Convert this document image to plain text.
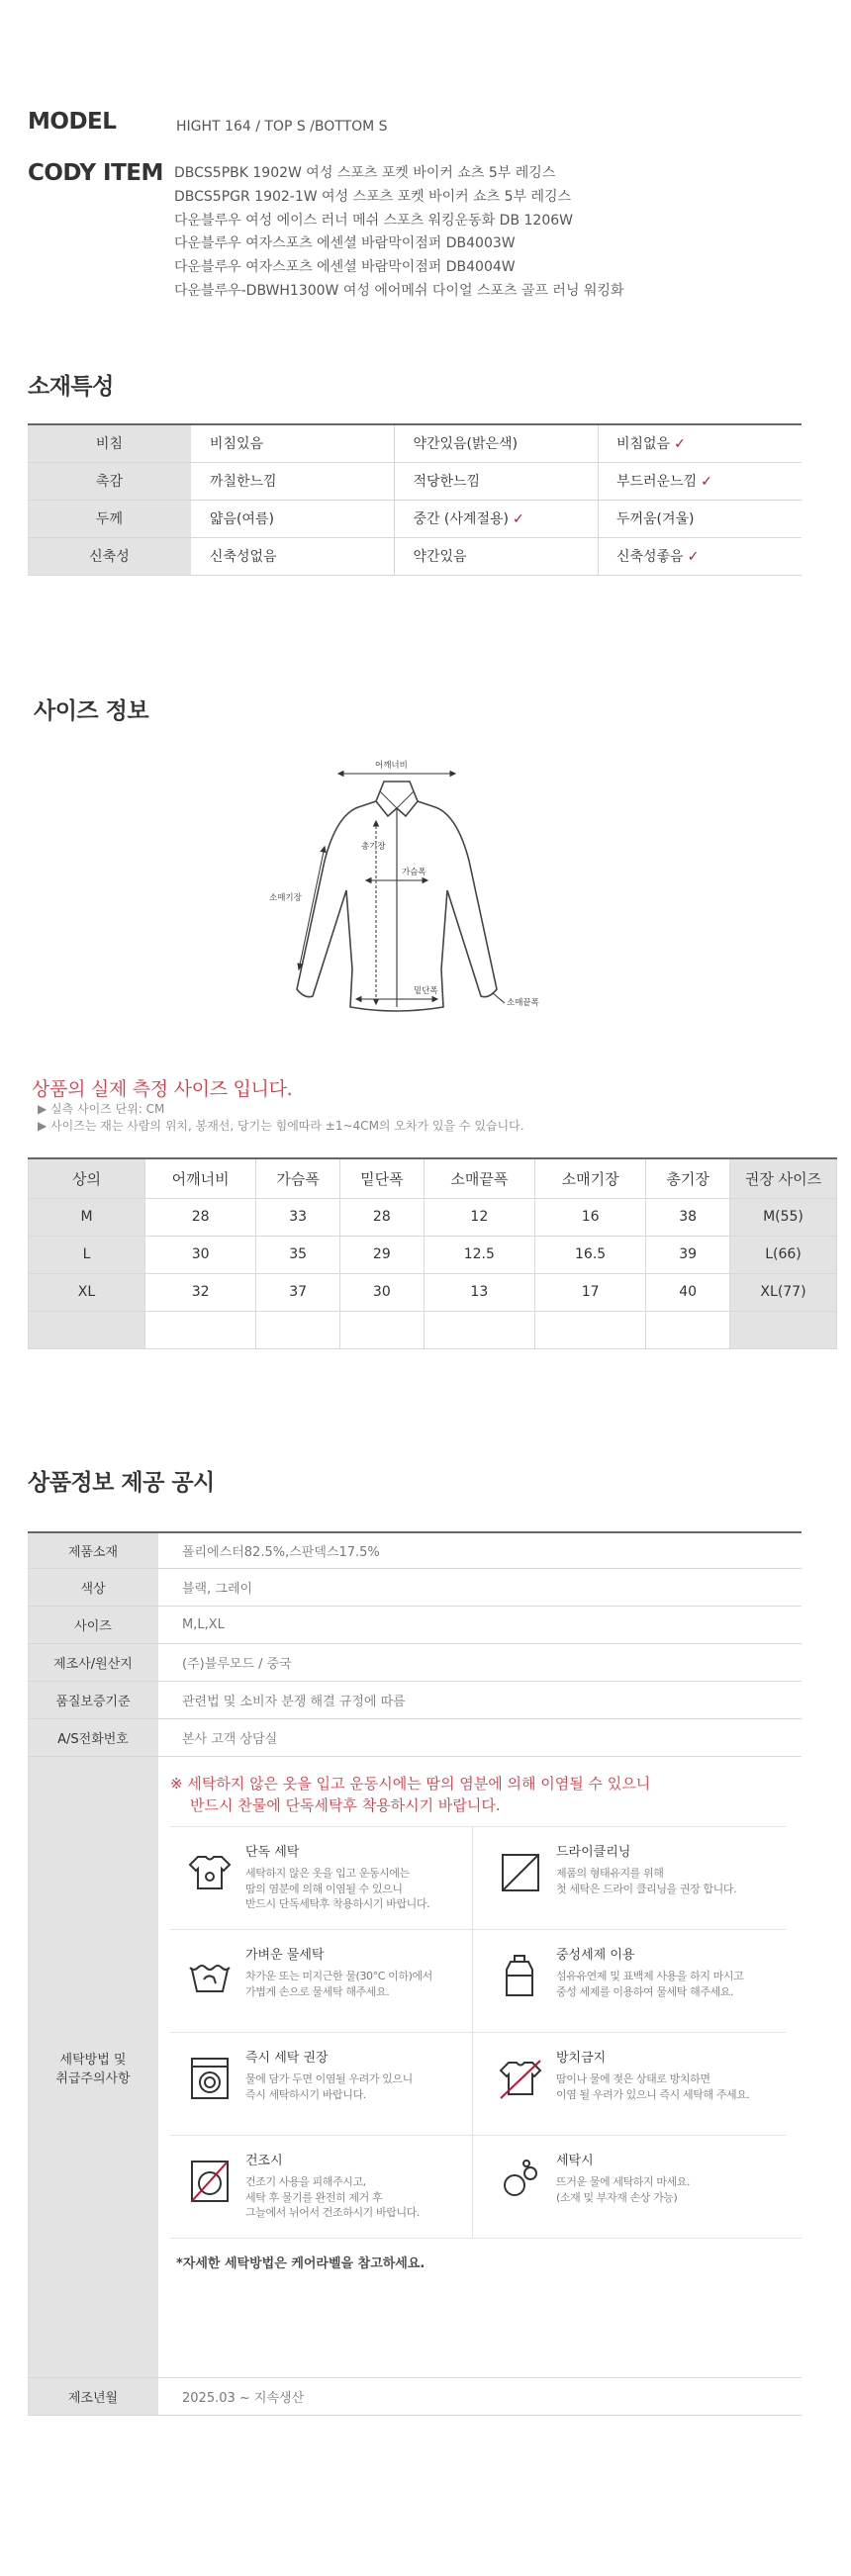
MODEL	HIGHT 164 / TOP S /BOTTOM S
CODY ITEM DBCS5PBK 1902W 여성 스포츠 포켓 바이커 쇼츠 5부 레깅스
DBCS5PGR 1902-1W 여성 스포츠 포켓 바이커 쇼츠 5부 레깅스
다운블루우 여성 에이스 러너 메쉬 스포츠 워킹운동화 DB 1206W
다운블루우 여자스포츠 에센셜 바람막이점퍼 DB4003W
다운블루우 여자스포츠 에센셜 바람막이점퍼 DB4004W
다운블루우-DBWH1300W 여성 에어메쉬 다이얼 스포츠 골프 러닝 워킹화
소재특성
비침	비침있음	약간있음(밝은색)	비침없음 ✓
촉감	까칠한느낌	적당한느낌	부드러운느낌 ✓
두께	얇음(여름)	중간 (사계절용) ✓	두꺼움(겨울)
신축성	신축성없음	약간있음	신축성좋음 ✓
사이즈 정보
어깨너비
총기장
가슴폭
소매기장
밑단폭
소매끝폭
상품의 실제 측정 사이즈 입니다.
▶ 실측 사이즈 단위: CM
▶ 사이즈는 재는 사람의 위치, 봉재선, 당기는 힘에따라 ±1~4CM의 오차가 있을 수 있습니다.
상의	어깨너비	가슴폭	밑단폭	소매끝폭	소매기장	총기장	권장 사이즈
M	28	33	28	12	16	38	M(55)
L	30	35	29	12.5	16.5	39	L(66)
XL	32	37	30	13	17	40	XL(77)

상품정보 제공 공시
제품소재	폴리에스터82.5%,스판덱스17.5%
색상	블랙, 그레이
사이즈	M,L,XL
제조사/원산지	(주)블루모드 / 중국
품질보증기준	관련법 및 소비자 분쟁 해결 규정에 따름
A/S전화번호	본사 고객 상담실
세탁방법 및
취급주의사항
※ 세탁하지 않은 옷을 입고 운동시에는 땀의 염분에 의해 이염될 수 있으니
반드시 찬물에 단독세탁후 착용하시기 바랍니다.
단독 세탁
세탁하지 않은 옷을 입고 운동시에는
땀의 염분에 의해 이염될 수 있으니
반드시 단독세탁후 착용하시기 바랍니다.
드라이클리닝
제품의 형태유지를 위해
첫 세탁은 드라이 클리닝을 권장 합니다.
가벼운 물세탁
차가운 또는 미지근한 물(30°C 이하)에서
가볍게 손으로 물세탁 해주세요.
중성세제 이용
섬유유연제 및 표백제 사용을 하지 마시고
중성 세제를 이용하여 물세탁 해주세요.
즉시 세탁 권장
물에 담가 두면 이염될 우려가 있으니
즉시 세탁하시기 바랍니다.
방치금지
땀이나 물에 젖은 상태로 방치하면
이염 될 우려가 있으니 즉시 세탁해 주세요.
건조시
건조기 사용을 피해주시고,
세탁 후 물기를 완전히 제거 후
그늘에서 뉘어서 건조하시기 바랍니다.
세탁시
뜨거운 물에 세탁하지 마세요.
(소재 및 부자재 손상 가능)
*자세한 세탁방법은 케어라벨을 참고하세요.
제조년월	2025.03 ~ 지속생산
